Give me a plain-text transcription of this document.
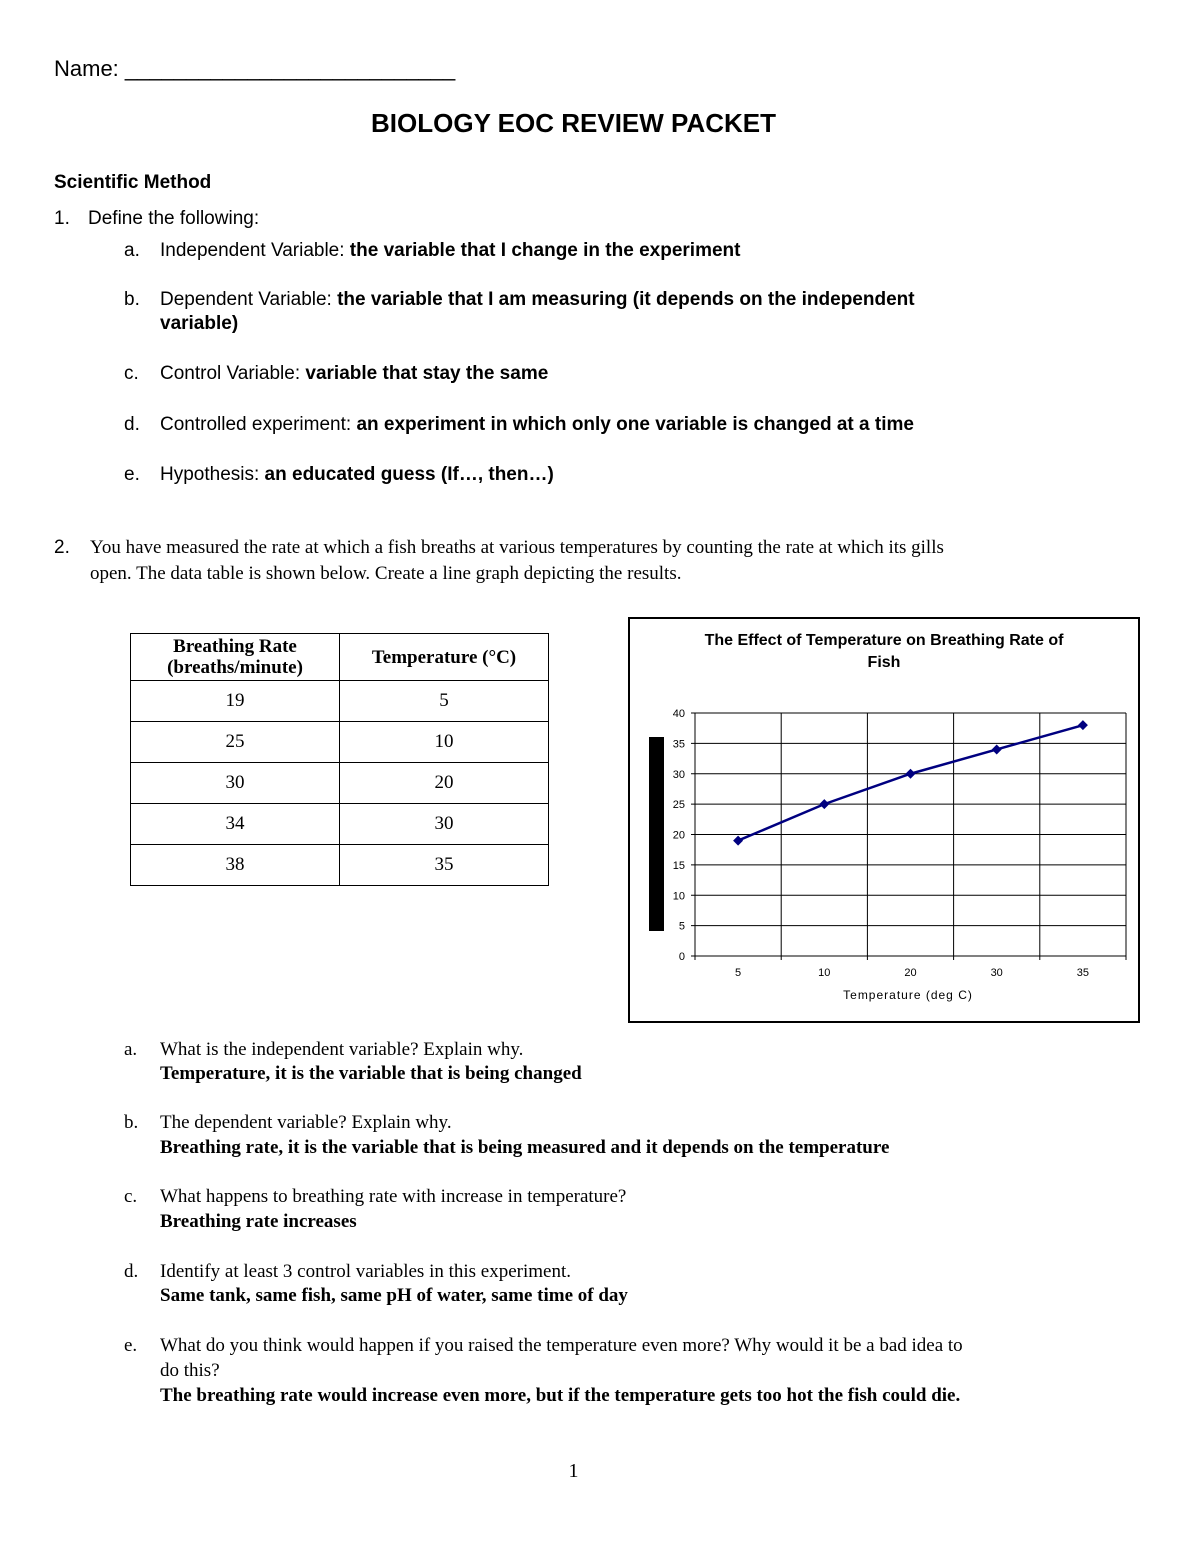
Name: ___________________________
BIOLOGY EOC REVIEW PACKET
Scientific Method
1. Define the following:
a. Independent Variable: the variable that I change in the experiment
b. Dependent Variable: the variable that I am measuring (it depends on the independent
variable)
c. Control Variable: variable that stay the same
d. Controlled experiment: an experiment in which only one variable is changed at a time
e. Hypothesis: an educated guess (If…, then…)
2. You have measured the rate at which a fish breaths at various temperatures by counting the rate at which its gills
open. The data table is shown below. Create a line graph depicting the results.
Breathing Rate
(breaths/minute)	Temperature (°C)
19	5
25	10
30	20
34	30
38	35
The Effect of Temperature on Breathing Rate of
Fish
0
5
10
15
20
25
30
35
40
5	10	20	30	35
Temperature (deg C)
a. What is the independent variable? Explain why.
Temperature, it is the variable that is being changed
b. The dependent variable? Explain why.
Breathing rate, it is the variable that is being measured and it depends on the temperature
c. What happens to breathing rate with increase in temperature?
Breathing rate increases
d. Identify at least 3 control variables in this experiment.
Same tank, same fish, same pH of water, same time of day
e. What do you think would happen if you raised the temperature even more? Why would it be a bad idea to
do this?
The breathing rate would increase even more, but if the temperature gets too hot the fish could die.
1
